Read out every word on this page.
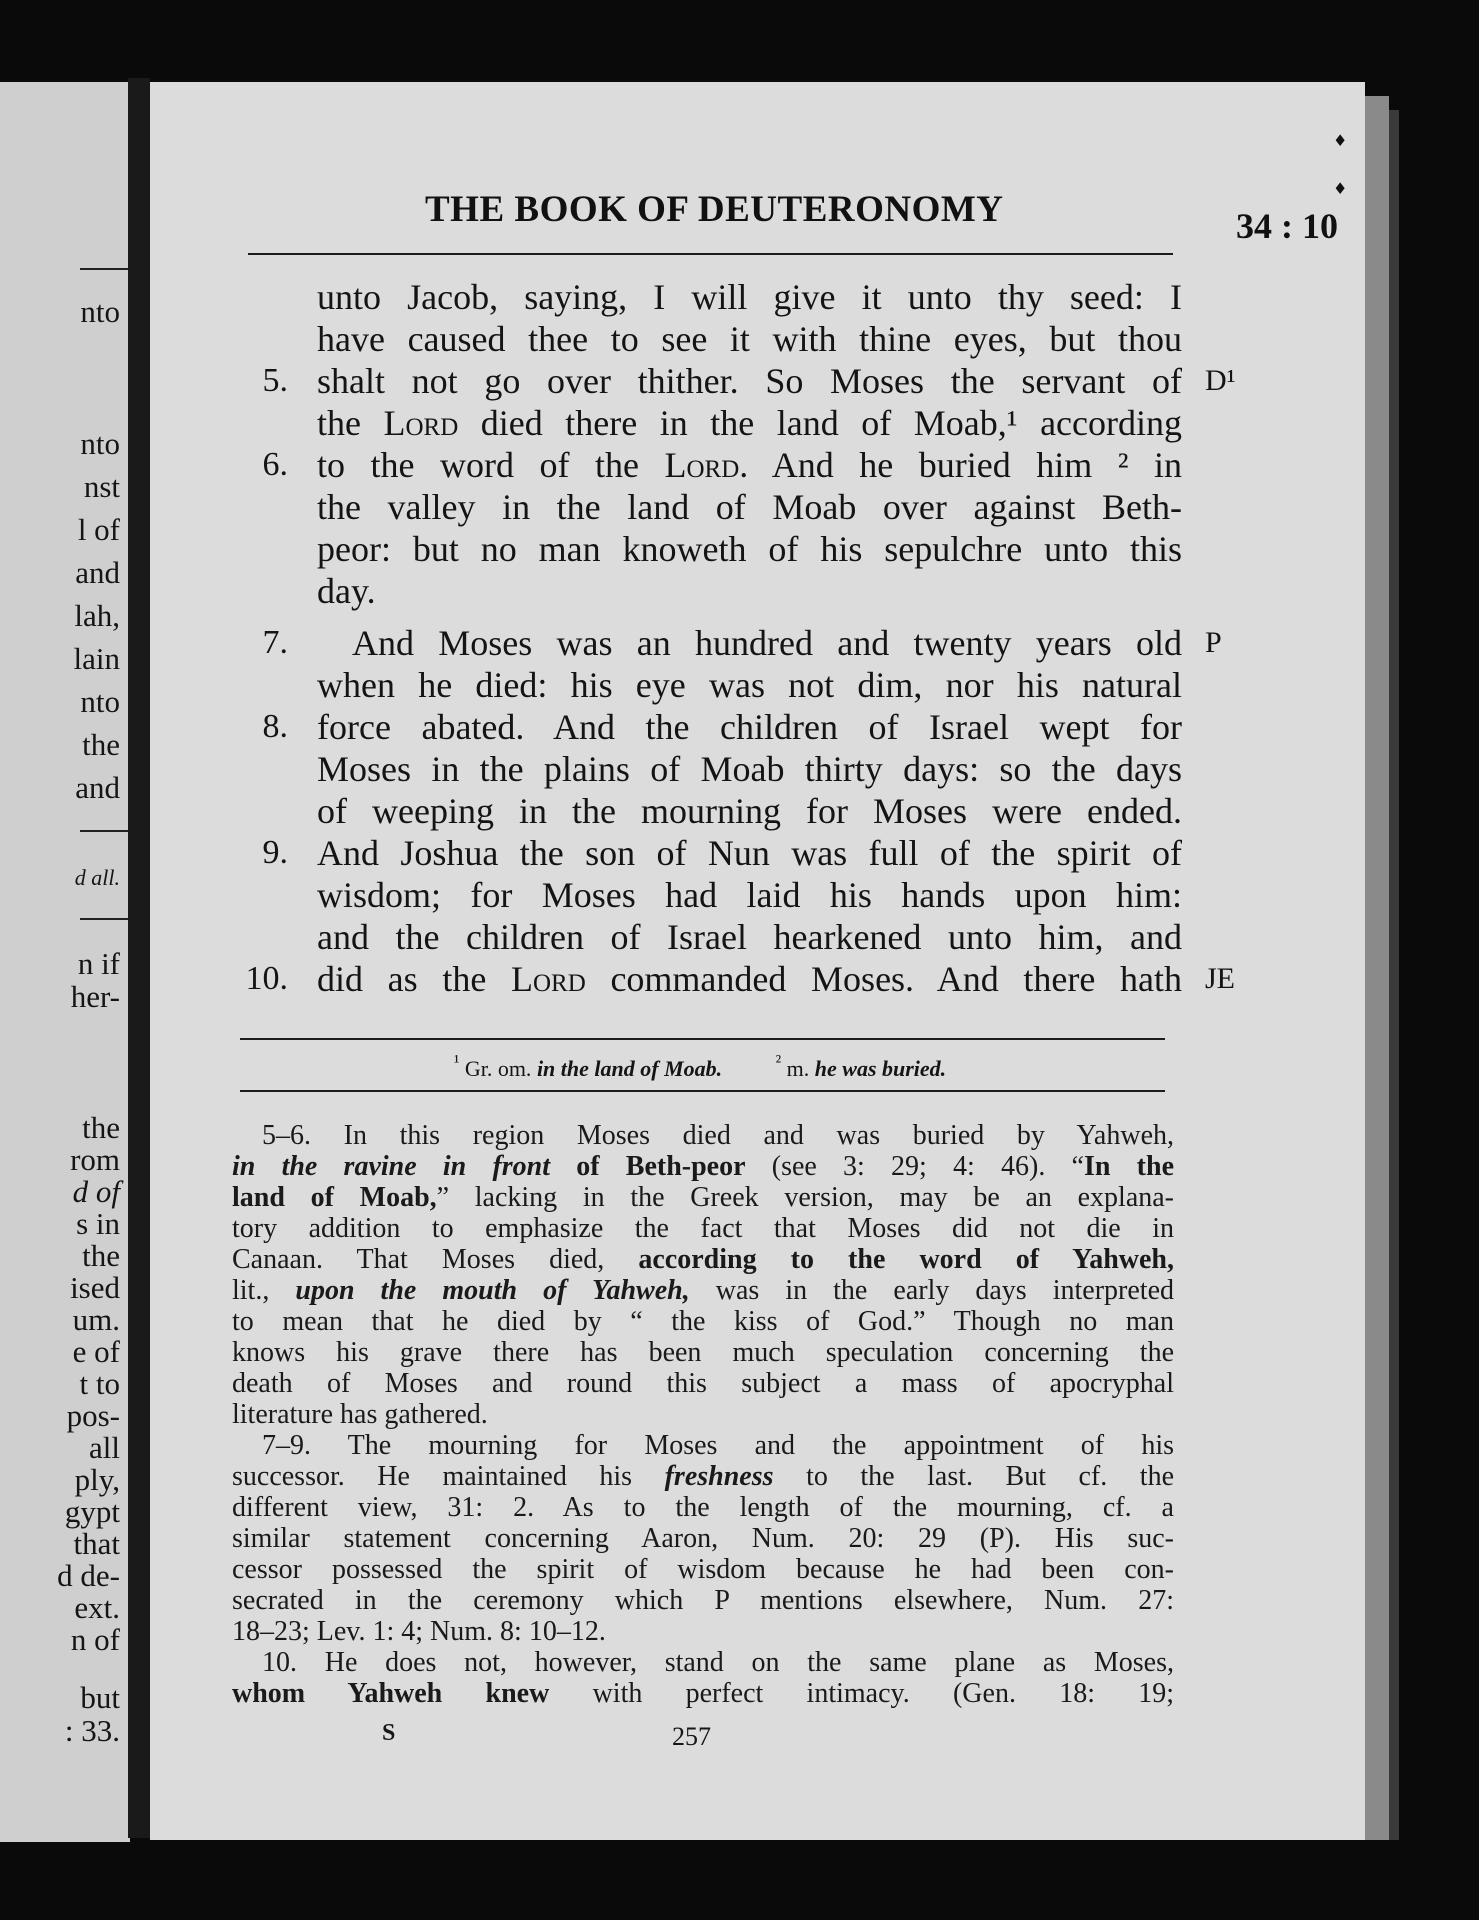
nto
nto
nst
l of
and
lah,
lain
nto
the
and
d all.
n if
her-
the
rom
d of
s in
the
ised
um.
e of
t to
pos-
all
ply,
gypt
that
d de-
ext.
n of
but
: 33.
THE BOOK OF DEUTERONOMY	34 : 10
♦
♦
unto Jacob, saying, I will give it unto thy seed: I
have caused thee to see it with thine eyes, but thou
5. shalt not go over thither. So Moses the servant of D¹
the Lord died there in the land of Moab,¹ according
6. to the word of the Lord. And he buried him ² in
the valley in the land of Moab over against Beth-
peor: but no man knoweth of his sepulchre unto this
day.
7. And Moses was an hundred and twenty years old P
when he died: his eye was not dim, nor his natural
8. force abated. And the children of Israel wept for
Moses in the plains of Moab thirty days: so the days
of weeping in the mourning for Moses were ended.
9. And Joshua the son of Nun was full of the spirit of
wisdom; for Moses had laid his hands upon him:
and the children of Israel hearkened unto him, and
10. did as the Lord commanded Moses. And there hath JE
$^{^1}$ Gr. om. in the land of Moab.	$^{^2}$ m. he was buried.
5–6. In this region Moses died and was buried by Yahweh,
in the ravine in front of Beth-peor (see 3: 29; 4: 46). “In the
land of Moab,” lacking in the Greek version, may be an explana-
tory addition to emphasize the fact that Moses did not die in
Canaan. That Moses died, according to the word of Yahweh,
lit., upon the mouth of Yahweh, was in the early days interpreted
to mean that he died by “ the kiss of God.” Though no man
knows his grave there has been much speculation concerning the
death of Moses and round this subject a mass of apocryphal
literature has gathered.
7–9. The mourning for Moses and the appointment of his
successor. He maintained his freshness to the last. But cf. the
different view, 31: 2. As to the length of the mourning, cf. a
similar statement concerning Aaron, Num. 20: 29 (P). His suc-
cessor possessed the spirit of wisdom because he had been con-
secrated in the ceremony which P mentions elsewhere, Num. 27:
18–23; Lev. 1: 4; Num. 8: 10–12.
10. He does not, however, stand on the same plane as Moses,
whom Yahweh knew with perfect intimacy. (Gen. 18: 19;
S	257
